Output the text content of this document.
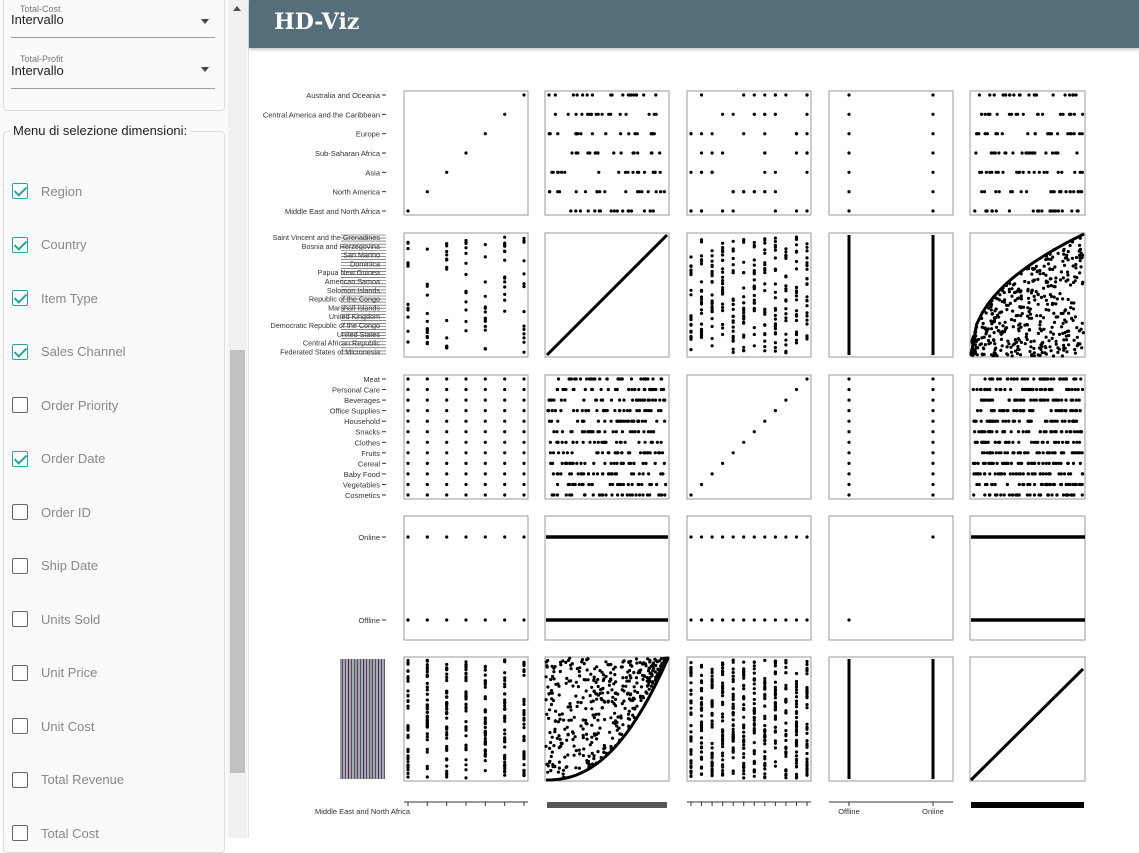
Total-Cost
Intervallo
Total-Profit
Intervallo
Menu di selezione dimensioni:
Region
Country
Item Type
Sales Channel
Order Priority
Order Date
Order ID
Ship Date
Units Sold
Unit Price
Unit Cost
Total Revenue
Total Cost
HD-Viz
Australia and Oceania
Central America and the Caribbean
Europe
Sub-Saharan Africa
Asia
North America
Middle East and North Africa
Saint Vincent and the Grenadines
Bosnia and Herzegovina
San Marino
Dominica
Papua New Guinea
American Samoa
Solomon Islands
Republic of the Congo
Marshall Islands
United Kingdom
Democratic Republic of the Congo
United States
Central African Republic
Federated States of Micronesia
Meat
Personal Care
Beverages
Office Supplies
Household
Snacks
Clothes
Fruits
Cereal
Baby Food
Vegetables
Cosmetics
Online
Offline
Middle East and North Africa	Offline	Online
